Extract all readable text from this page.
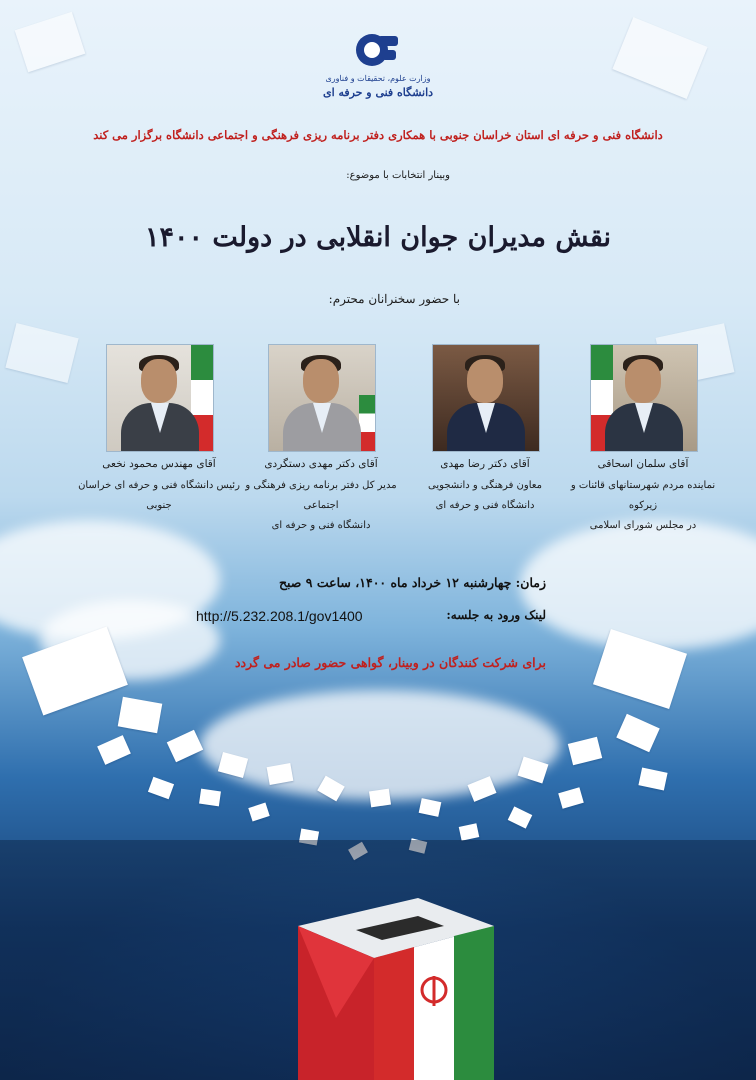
وزارت علوم، تحقیقات و فناوری
دانشگاه فنی و حرفه ای
دانشگاه فنی و حرفه ای استان خراسان جنوبی با همکاری دفتر برنامه ریزی فرهنگی و اجتماعی دانشگاه برگزار می کند
وبینار انتخابات با موضوع:
نقش مدیران جوان انقلابی در دولت ۱۴۰۰
با حضور سخنرانان محترم:
آقای سلمان اسحاقی
نماینده مردم شهرستانهای قائنات و زیرکوه
در مجلس شورای اسلامی
آقای دکتر رضا مهدی
معاون فرهنگی و دانشجویی
دانشگاه فنی و حرفه ای
آقای دکتر مهدی دستگردی
مدیر کل دفتر برنامه ریزی فرهنگی و اجتماعی
دانشگاه فنی و حرفه ای
آقای مهندس محمود نخعی
رئیس دانشگاه فنی و حرفه ای خراسان جنوبی
زمان: چهارشنبه ۱۲ خرداد ماه ۱۴۰۰، ساعت ۹ صبح
لینک ورود به جلسه:
http://5.232.208.1/gov1400
برای شرکت کنندگان در وبینار، گواهی حضور صادر می گردد
